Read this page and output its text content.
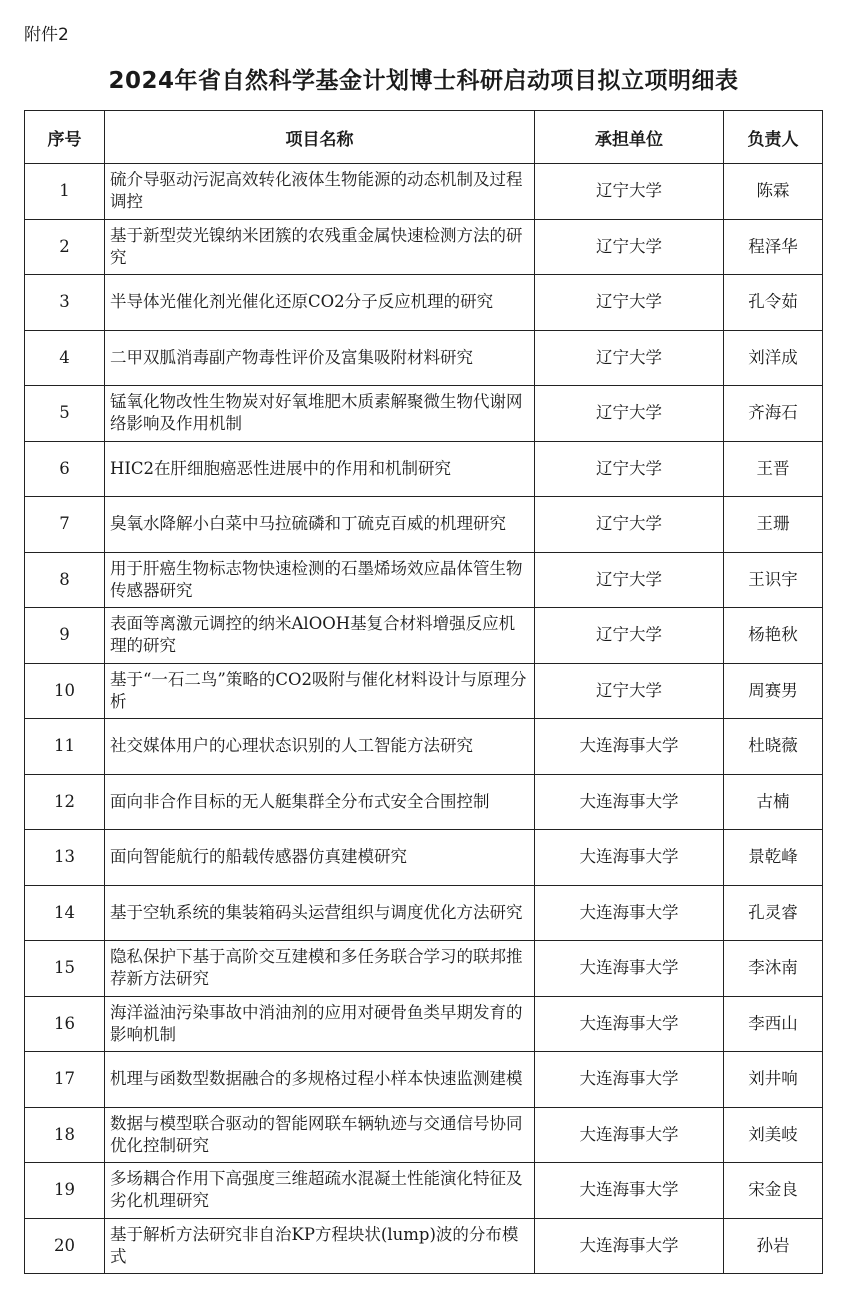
附件2
2024年省自然科学基金计划博士科研启动项目拟立项明细表
序号	项目名称	承担单位	负责人
1	硫介导驱动污泥高效转化液体生物能源的动态机制及过程调控	辽宁大学	陈霖
2	基于新型荧光镍纳米团簇的农残重金属快速检测方法的研究	辽宁大学	程泽华
3	半导体光催化剂光催化还原CO2分子反应机理的研究	辽宁大学	孔令茹
4	二甲双胍消毒副产物毒性评价及富集吸附材料研究	辽宁大学	刘洋成
5	锰氧化物改性生物炭对好氧堆肥木质素解聚微生物代谢网络影响及作用机制	辽宁大学	齐海石
6	HIC2在肝细胞癌恶性进展中的作用和机制研究	辽宁大学	王晋
7	臭氧水降解小白菜中马拉硫磷和丁硫克百威的机理研究	辽宁大学	王珊
8	用于肝癌生物标志物快速检测的石墨烯场效应晶体管生物传感器研究	辽宁大学	王识宇
9	表面等离激元调控的纳米AlOOH基复合材料增强反应机理的研究	辽宁大学	杨艳秋
10	基于“一石二鸟”策略的CO2吸附与催化材料设计与原理分析	辽宁大学	周赛男
11	社交媒体用户的心理状态识别的人工智能方法研究	大连海事大学	杜晓薇
12	面向非合作目标的无人艇集群全分布式安全合围控制	大连海事大学	古楠
13	面向智能航行的船载传感器仿真建模研究	大连海事大学	景乾峰
14	基于空轨系统的集装箱码头运营组织与调度优化方法研究	大连海事大学	孔灵睿
15	隐私保护下基于高阶交互建模和多任务联合学习的联邦推荐新方法研究	大连海事大学	李沐南
16	海洋溢油污染事故中消油剂的应用对硬骨鱼类早期发育的影响机制	大连海事大学	李西山
17	机理与函数型数据融合的多规格过程小样本快速监测建模	大连海事大学	刘井响
18	数据与模型联合驱动的智能网联车辆轨迹与交通信号协同优化控制研究	大连海事大学	刘美岐
19	多场耦合作用下高强度三维超疏水混凝土性能演化特征及劣化机理研究	大连海事大学	宋金良
20	基于解析方法研究非自治KP方程块状(lump)波的分布模式	大连海事大学	孙岩
